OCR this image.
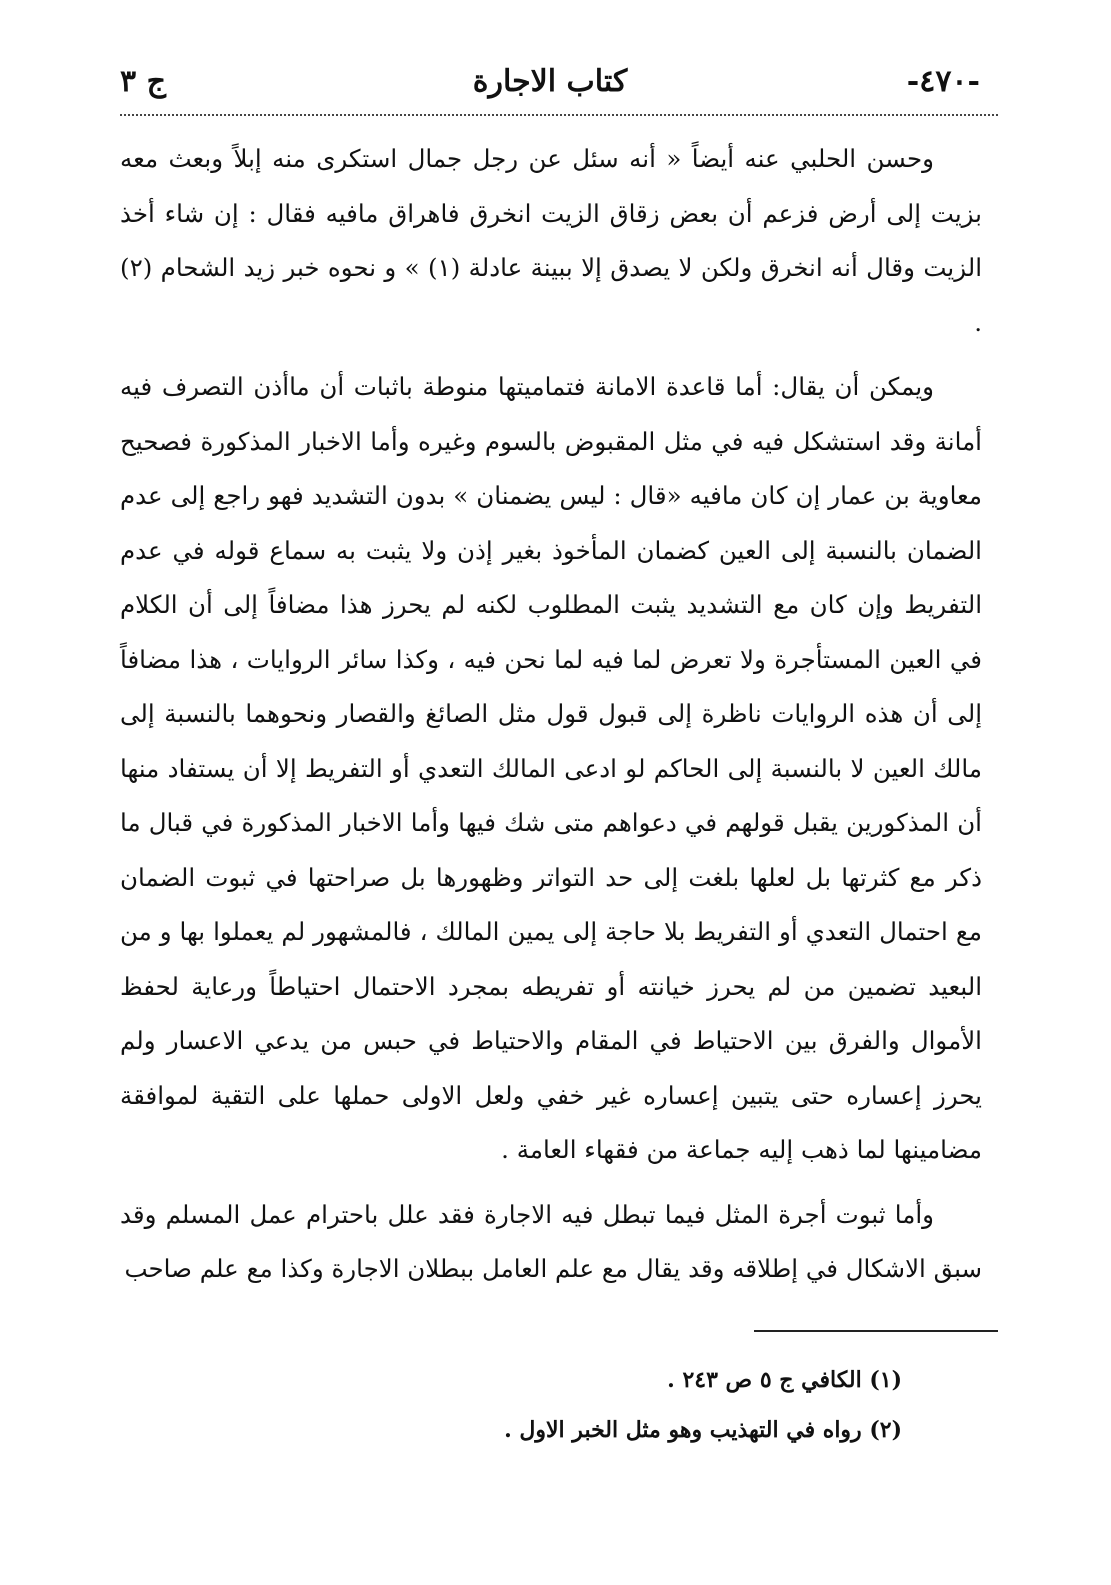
-٤٧٠-
كتاب الاجارة
ج ٣

وحسن الحلبي عنه أيضاً « أنه سئل عن رجل جمال استكرى منه إبلاً وبعث معه بزيت إلى أرض فزعم أن بعض زقاق الزيت انخرق فاهراق مافيه فقال : إن شاء أخذ الزيت وقال أنه انخرق ولكن لا يصدق إلا ببينة عادلة (١) » و نحوه خبر زيد الشحام (٢) .

ويمكن أن يقال: أما قاعدة الامانة فتماميتها منوطة باثبات أن ماأذن التصرف فيه أمانة وقد استشكل فيه في مثل المقبوض بالسوم وغيره وأما الاخبار المذكورة فصحيح معاوية بن عمار إن كان مافيه «قال : ليس يضمنان » بدون التشديد فهو راجع إلى عدم الضمان بالنسبة إلى العين كضمان المأخوذ بغير إذن ولا يثبت به سماع قوله في عدم التفريط وإن كان مع التشديد يثبت المطلوب لكنه لم يحرز هذا مضافاً إلى أن الكلام في العين المستأجرة ولا تعرض لما فيه لما نحن فيه ، وكذا سائر الروايات ، هذا مضافاً إلى أن هذه الروايات ناظرة إلى قبول قول مثل الصائغ والقصار ونحوهما بالنسبة إلى مالك العين لا بالنسبة إلى الحاكم لو ادعى المالك التعدي أو التفريط إلا أن يستفاد منها أن المذكورين يقبل قولهم في دعواهم متى شك فيها وأما الاخبار المذكورة في قبال ما ذكر مع كثرتها بل لعلها بلغت إلى حد التواتر وظهورها بل صراحتها في ثبوت الضمان مع احتمال التعدي أو التفريط بلا حاجة إلى يمين المالك ، فالمشهور لم يعملوا بها و من البعيد تضمين من لم يحرز خيانته أو تفريطه بمجرد الاحتمال احتياطاً ورعاية لحفظ الأموال والفرق بين الاحتياط في المقام والاحتياط في حبس من يدعي الاعسار ولم يحرز إعساره حتى يتبين إعساره غير خفي ولعل الاولى حملها على التقية لموافقة مضامينها لما ذهب إليه جماعة من فقهاء العامة .

وأما ثبوت أجرة المثل فيما تبطل فيه الاجارة فقد علل باحترام عمل المسلم وقد سبق الاشكال في إطلاقه وقد يقال مع علم العامل ببطلان الاجارة وكذا مع علم صاحب

(١) الكافي ج ٥ ص ٢٤٣ .

(٢) رواه في التهذيب وهو مثل الخبر الاول .
